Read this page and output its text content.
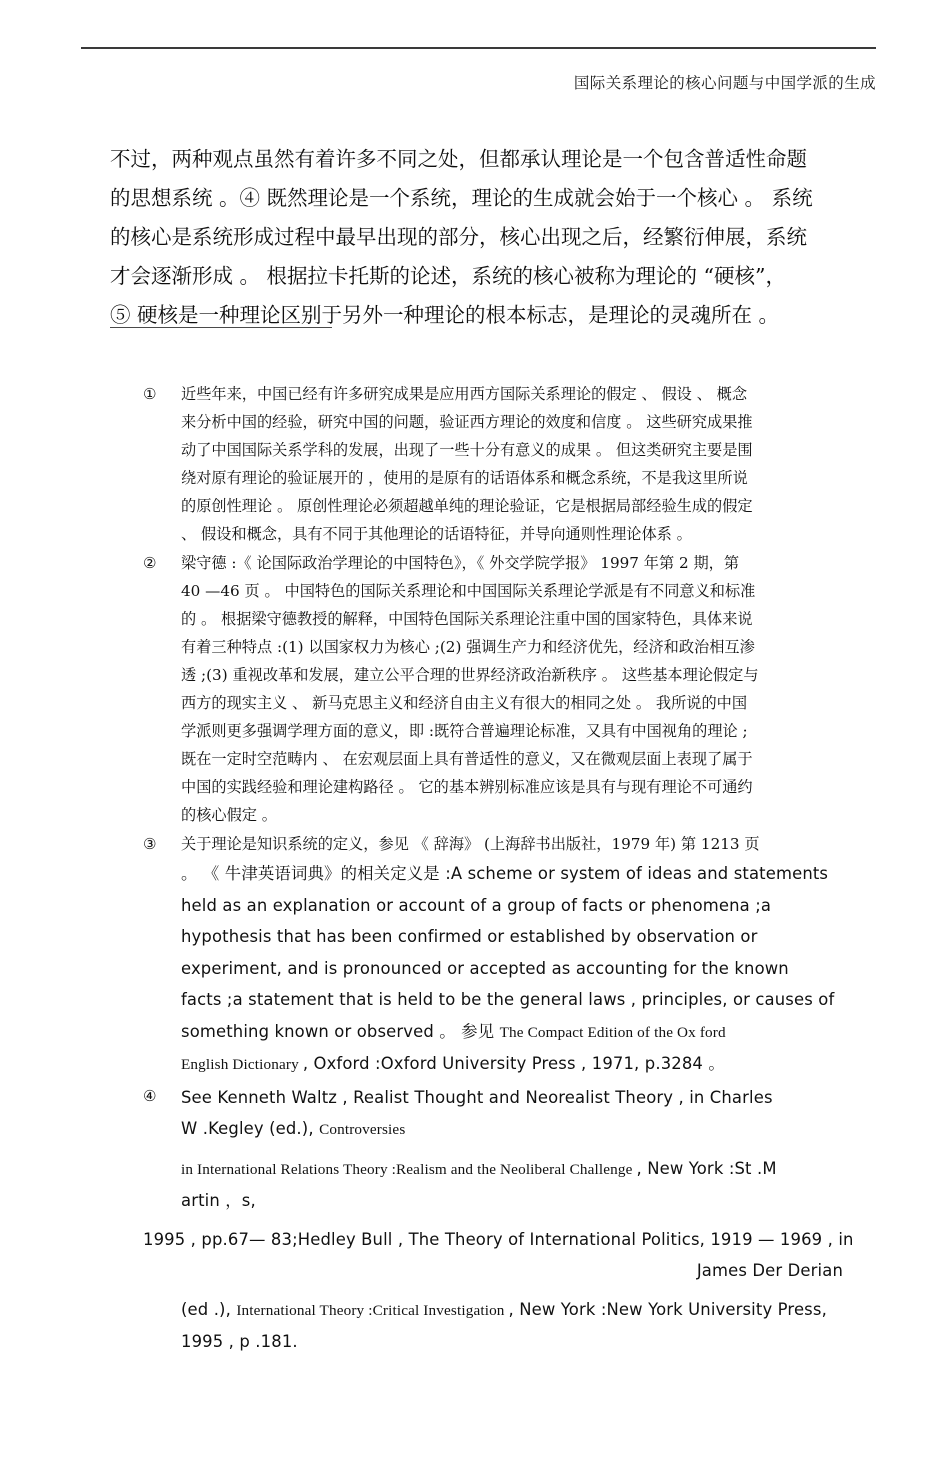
国际关系理论的核心问题与中国学派的生成
不过，两种观点虽然有着许多不同之处，但都承认理论是一个包含普适性命题
的思想系统 。④ 既然理论是一个系统，理论的生成就会始于一个核心 。 系统
的核心是系统形成过程中最早出现的部分，核心出现之后，经繁衍伸展，系统
才会逐渐形成 。 根据拉卡托斯的论述，系统的核心被称为理论的 “硬核”，
⑤ 硬核是一种理论区别于另外一种理论的根本标志，是理论的灵魂所在 。
①	近些年来，中国已经有许多研究成果是应用西方国际关系理论的假定 、 假设 、 概念
来分析中国的经验，研究中国的问题，验证西方理论的效度和信度 。 这些研究成果推
动了中国国际关系学科的发展，出现了一些十分有意义的成果 。 但这类研究主要是围
绕对原有理论的验证展开的 ，使用的是原有的话语体系和概念系统，不是我这里所说
的原创性理论 。 原创性理论必须超越单纯的理论验证，它是根据局部经验生成的假定
、 假设和概念，具有不同于其他理论的话语特征，并导向通则性理论体系 。
②	梁守德 :《 论国际政治学理论的中国特色》，《 外交学院学报》 1997 年第 2 期，第
40 —46 页 。 中国特色的国际关系理论和中国国际关系理论学派是有不同意义和标准
的 。 根据梁守德教授的解释，中国特色国际关系理论注重中国的国家特色，具体来说
有着三种特点 :(1) 以国家权力为核心 ;(2) 强调生产力和经济优先，经济和政治相互渗
透 ;(3) 重视改革和发展，建立公平合理的世界经济政治新秩序 。 这些基本理论假定与
西方的现实主义 、 新马克思主义和经济自由主义有很大的相同之处 。 我所说的中国
学派则更多强调学理方面的意义，即 :既符合普遍理论标准，又具有中国视角的理论 ;
既在一定时空范畴内 、 在宏观层面上具有普适性的意义，又在微观层面上表现了属于
中国的实践经验和理论建构路径 。 它的基本辨别标准应该是具有与现有理论不可通约
的核心假定 。
③	关于理论是知识系统的定义，参见 《 辞海》 (上海辞书出版社，1979 年) 第 1213 页
。 《 牛津英语词典》的相关定义是 :A scheme or system of ideas and statements
held as an explanation or account of a group of facts or phenomena ;a
hypothesis that has been confirmed or established by observation or
experiment, and is pronounced or accepted as accounting for the known
facts ;a statement that is held to be the general laws , principles, or causes of
something known or observed 。 参见 The Compact Edition of the Ox ford
English Dictionary , Oxford :Oxford University Press , 1971, p.3284 。
④	See Kenneth Waltz , Realist Thought and Neorealist Theory , in Charles
W .Kegley (ed.), Controversies
in International Relations Theory :Realism and the Neoliberal Challenge , New York :St .M
artin ，s,
1995 , pp.67— 83;Hedley Bull , The Theory of International Politics, 1919 — 1969 , in
James Der Derian
(ed .), International Theory :Critical Investigation , New York :New York University Press,
1995 , p .181.
